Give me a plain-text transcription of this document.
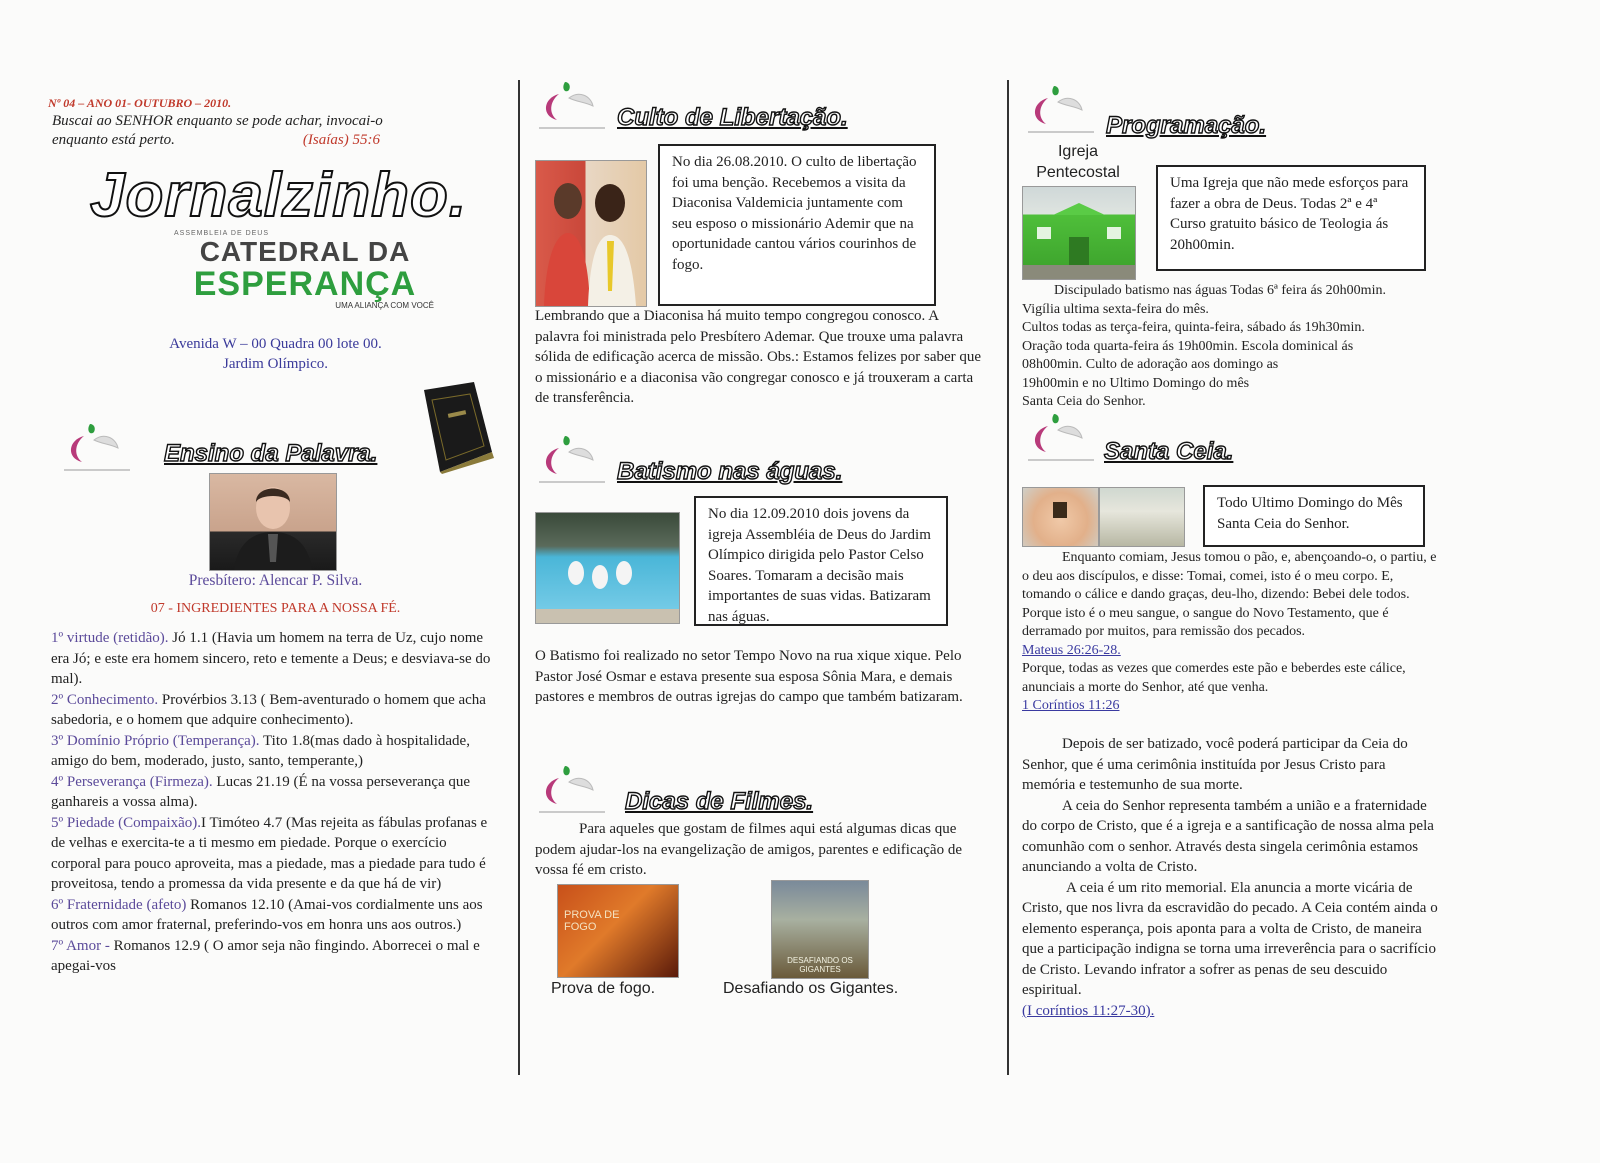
Nº 04 – ANO 01- OUTUBRO – 2010.
Buscai ao SENHOR enquanto se pode achar, invocai-o
enquanto está perto.	(Isaías) 55:6
Jornalzinho.
ASSEMBLEIA DE DEUS
CATEDRAL DA
ESPERANÇA
UMA ALIANÇA COM VOCÊ
Avenida W – 00 Quadra 00 lote 00.
Jardim Olímpico.
Ensino da Palavra.
Presbítero: Alencar P. Silva.
07 - INGREDIENTES PARA A NOSSA FÉ.
1º virtude (retidão). Jó 1.1 (Havia um homem na terra de Uz, cujo nome era Jó; e este era homem sincero, reto e temente a Deus; e desviava-se do mal).
2º Conhecimento. Provérbios 3.13 ( Bem-aventurado o homem que acha sabedoria, e o homem que adquire conhecimento).
3º Domínio Próprio (Temperança). Tito 1.8(mas dado à hospitalidade, amigo do bem, moderado, justo, santo, temperante,)
4º Perseverança (Firmeza). Lucas 21.19 (É na vossa perseverança que ganhareis a vossa alma).
5º Piedade (Compaixão).I Timóteo 4.7 (Mas rejeita as fábulas profanas e de velhas e exercita-te a ti mesmo em piedade. Porque o exercício corporal para pouco aproveita, mas a piedade, mas a piedade para tudo é proveitosa, tendo a promessa da vida presente e da que há de vir)
6º Fraternidade (afeto) Romanos 12.10 (Amai-vos cordialmente uns aos outros com amor fraternal, preferindo-vos em honra uns aos outros.)
7º Amor - Romanos 12.9 ( O amor seja não fingindo. Aborrecei o mal e apegai-vos
Culto de Libertação.
No dia 26.08.2010. O culto de libertação foi uma benção. Recebemos a visita da Diaconisa Valdemicia juntamente com seu esposo o missionário Ademir que na oportunidade cantou vários courinhos de fogo.
Lembrando que a Diaconisa há muito tempo congregou conosco. A palavra foi ministrada pelo Presbítero Ademar. Que trouxe uma palavra sólida de edificação acerca de missão. Obs.: Estamos felizes por saber que o missionário e a diaconisa vão congregar conosco e já trouxeram a carta de transferência.
Batismo nas águas.
No dia 12.09.2010 dois jovens da igreja Assembléia de Deus do Jardim Olímpico dirigida pelo Pastor Celso Soares. Tomaram a decisão mais importantes de suas vidas. Batizaram nas águas.
O Batismo foi realizado no setor Tempo Novo na rua xique xique. Pelo Pastor José Osmar e estava presente sua esposa Sônia Mara, e demais pastores e membros de outras igrejas do campo que também batizaram.
Dicas de Filmes.
Para aqueles que gostam de filmes aqui está algumas dicas que podem ajudar-los na evangelização de amigos, parentes e edificação de vossa fé em cristo.
PROVA DE FOGO
Prova de fogo.
DESAFIANDO OS GIGANTES
Desafiando os Gigantes.
Programação.
Igreja
Pentecostal
Uma Igreja que não mede esforços para fazer a obra de Deus. Todas 2ª e 4ª Curso gratuito básico de Teologia ás 20h00min.
Discipulado batismo nas águas Todas 6ª feira ás 20h00min.
Vigília ultima sexta-feira do mês.
Cultos todas as terça-feira, quinta-feira, sábado ás 19h30min.
Oração toda quarta-feira ás 19h00min. Escola dominical ás
08h00min. Culto de adoração aos domingo as
19h00min e no Ultimo Domingo do mês
Santa Ceia do Senhor.
Santa Ceia.
Todo Ultimo Domingo do Mês Santa Ceia do Senhor.
Enquanto comiam, Jesus tomou o pão, e, abençoando-o, o partiu, e o deu aos discípulos, e disse: Tomai, comei, isto é o meu corpo. E, tomando o cálice e dando graças, deu-lho, dizendo: Bebei dele todos. Porque isto é o meu sangue, o sangue do Novo Testamento, que é derramado por muitos, para remissão dos pecados.
Mateus 26:26-28.
Porque, todas as vezes que comerdes este pão e beberdes este cálice, anunciais a morte do Senhor, até que venha.
1 Coríntios 11:26
Depois de ser batizado, você poderá participar da Ceia do Senhor, que é uma cerimônia instituída por Jesus Cristo para memória e testemunho de sua morte.
A ceia do Senhor representa também a união e a fraternidade do corpo de Cristo, que é a igreja e a santificação de nossa alma pela comunhão com o senhor. Através desta singela cerimônia estamos anunciando a volta de Cristo.
A ceia é um rito memorial. Ela anuncia a morte vicária de Cristo, que nos livra da escravidão do pecado. A Ceia contém ainda o elemento esperança, pois aponta para a volta de Cristo, de maneira que a participação indigna se torna uma irreverência para o sacrifício de Cristo. Levando infrator a sofrer as penas de seu descuido espiritual.
(I coríntios 11:27-30).
